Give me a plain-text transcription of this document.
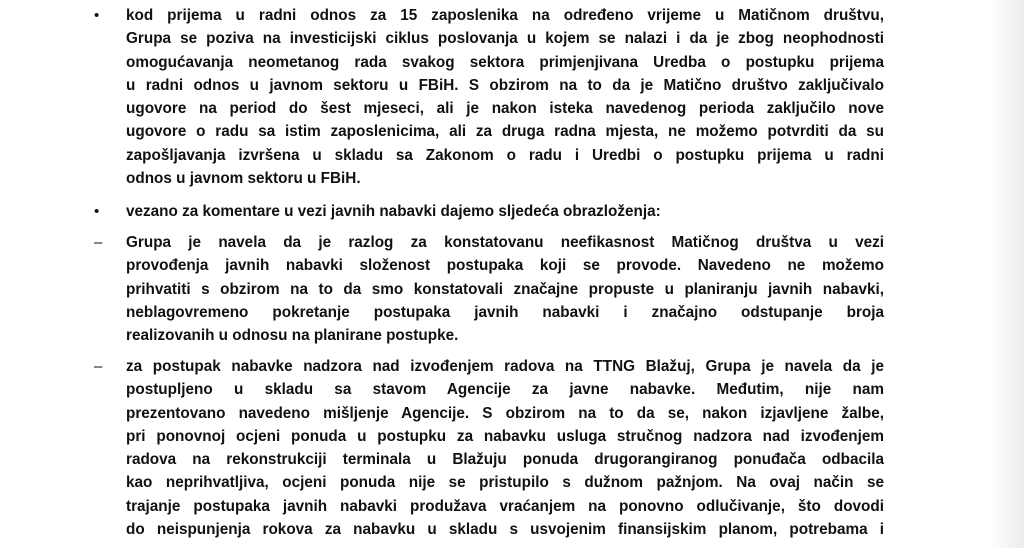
• kod prijema u radni odnos za 15 zaposlenika na određeno vrijeme u Matičnom društvu,
Grupa se poziva na investicijski ciklus poslovanja u kojem se nalazi i da je zbog neophodnosti
omogućavanja neometanog rada svakog sektora primjenjivana Uredba o postupku prijema
u radni odnos u javnom sektoru u FBiH. S obzirom na to da je Matično društvo zaključivalo
ugovore na period do šest mjeseci, ali je nakon isteka navedenog perioda zaključilo nove
ugovore o radu sa istim zaposlenicima, ali za druga radna mjesta, ne možemo potvrditi da su
zapošljavanja izvršena u skladu sa Zakonom o radu i Uredbi o postupku prijema u radni
odnos u javnom sektoru u FBiH.
• vezano za komentare u vezi javnih nabavki dajemo sljedeća obrazloženja:
– Grupa je navela da je razlog za konstatovanu neefikasnost Matičnog društva u vezi
provođenja javnih nabavki složenost postupaka koji se provode. Navedeno ne možemo
prihvatiti s obzirom na to da smo konstatovali značajne propuste u planiranju javnih nabavki,
neblagovremeno pokretanje postupaka javnih nabavki i značajno odstupanje broja
realizovanih u odnosu na planirane postupke.
– za postupak nabavke nadzora nad izvođenjem radova na TTNG Blažuj, Grupa je navela da je
postupljeno u skladu sa stavom Agencije za javne nabavke. Međutim, nije nam
prezentovano navedeno mišljenje Agencije. S obzirom na to da se, nakon izjavljene žalbe,
pri ponovnoj ocjeni ponuda u postupku za nabavku usluga stručnog nadzora nad izvođenjem
radova na rekonstrukciji terminala u Blažuju ponuda drugorangiranog ponuđača odbacila
kao neprihvatljiva, ocjeni ponuda nije se pristupilo s dužnom pažnjom. Na ovaj način se
trajanje postupaka javnih nabavki produžava vraćanjem na ponovno odlučivanje, što dovodi
do neispunjenja rokova za nabavku u skladu s usvojenim finansijskim planom, potrebama i
